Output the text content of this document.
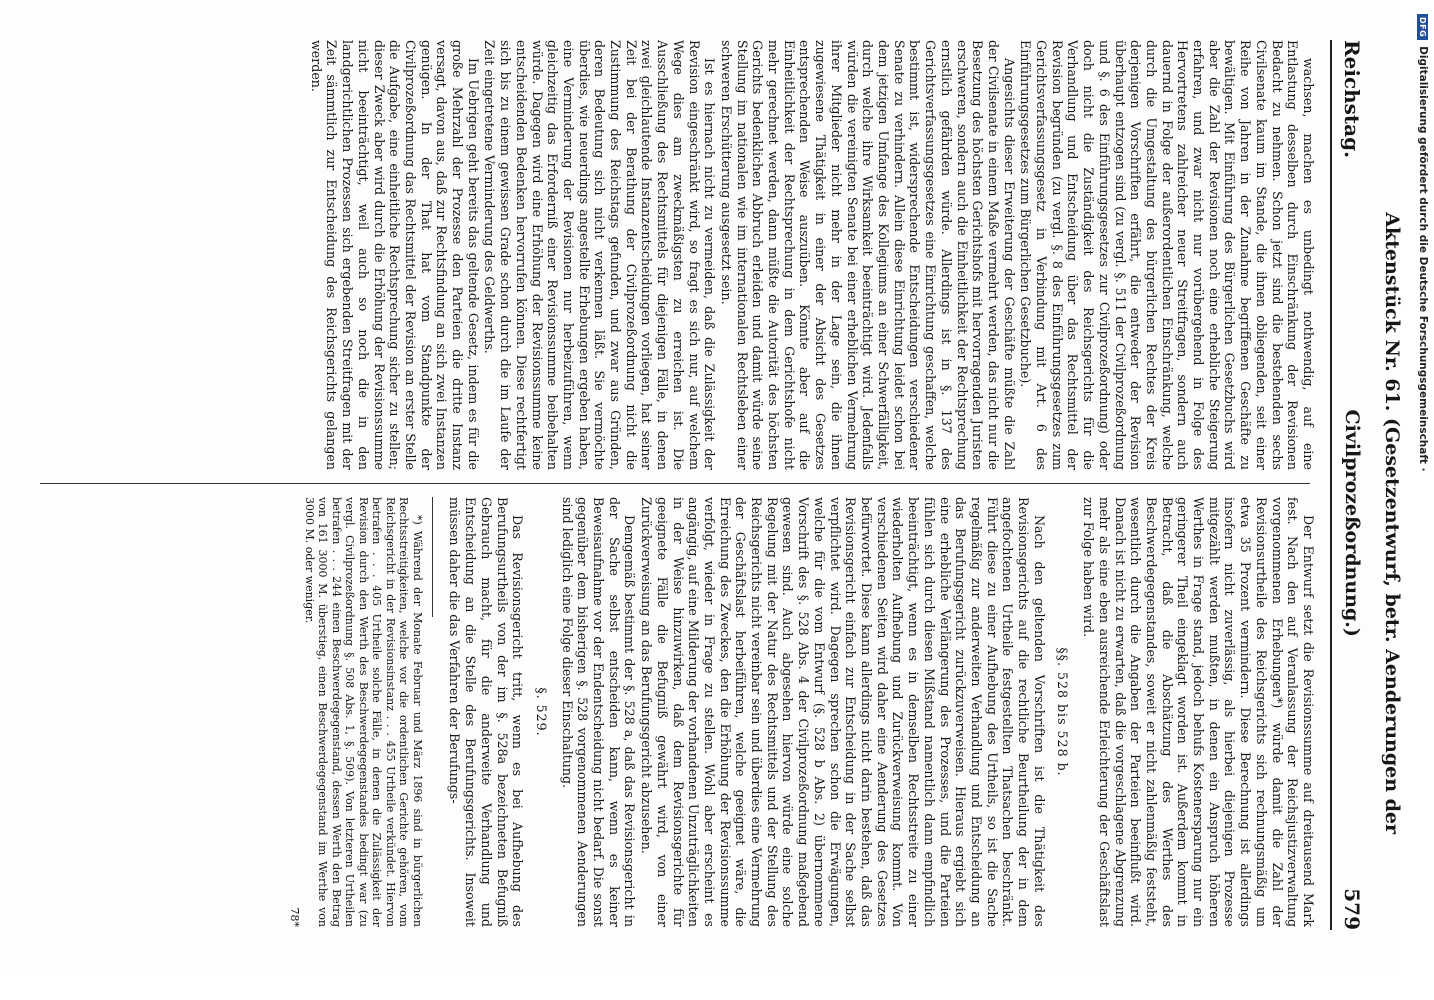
Reichstag.
Aktenstück Nr. 61. (Gesetzentwurf, betr. Aenderungen der Civilprozeßordnung.)
579

wachsen, machen es unbedingt nothwendig, auf eine Entlastung desselben durch Einschränkung der Revisionen Bedacht zu nehmen. Schon jetzt sind die bestehenden sechs Civilsenate kaum im Stande, die ihnen obliegenden, seit einer Reihe von Jahren in der Zunahme begriffenen Geschäfte zu bewältigen. Mit Einführung des Bürgerlichen Gesetzbuchs wird aber die Zahl der Revisionen noch eine erhebliche Steigerung erfahren, und zwar nicht nur vorübergehend in Folge des Hervortretens zahlreicher neuer Streitfragen, sondern auch dauernd in Folge der außerordentlichen Einschränkung, welche durch die Umgestaltung des bürgerlichen Rechtes der Kreis derjenigen Vorschriften erfährt, die entweder der Revision überhaupt entzogen sind (zu vergl. §. 511 der Civilprozeßordnung und §. 6 des Einführungsgesetzes zur Civilprozeßordnung) oder doch nicht die Zuständigkeit des Reichsgerichts für die Verhandlung und Entscheidung über das Rechtsmittel der Revision begründen (zu vergl. §. 8 des Einführungsgesetzes zum Gerichtsverfassungsgesetz in Verbindung mit Art. 6 des Einführungsgesetzes zum Bürgerlichen Gesetzbuche).

Angesichts dieser Erweiterung der Geschäfte müßte die Zahl der Civilsenate in einem Maße vermehrt werden, das nicht nur die Besetzung des höchsten Gerichtshofs mit hervorragenden Juristen erschweren, sondern auch die Einheitlichkeit der Rechtsprechung ernstlich gefährden würde. Allerdings ist in §. 137 des Gerichtsverfassungsgesetzes eine Einrichtung geschaffen, welche bestimmt ist, widersprechende Entscheidungen verschiedener Senate zu verhindern. Allein diese Einrichtung leidet schon bei dem jetzigen Umfange des Kollegiums an einer Schwerfälligkeit, durch welche ihre Wirksamkeit beeinträchtigt wird. Jedenfalls würden die vereinigten Senate bei einer erheblichen Vermehrung ihrer Mitglieder nicht mehr in der Lage sein, die ihnen zugewiesene Thätigkeit in einer der Absicht des Gesetzes entsprechenden Weise auszuüben. Könnte aber auf die Einheitlichkeit der Rechtsprechung in dem Gerichtshofe nicht mehr gerechnet werden, dann müßte die Autorität des höchsten Gerichts bedenklichen Abbruch erleiden und damit würde seine Stellung im nationalen wie im internationalen Rechtsleben einer schweren Erschütterung ausgesetzt sein.

Ist es hiernach nicht zu vermeiden, daß die Zulässigkeit der Revision eingeschränkt wird, so fragt es sich nur, auf welchem Wege dies am zweckmäßigsten zu erreichen ist. Die Ausschließung des Rechtsmittels für diejenigen Fälle, in denen zwei gleichlautende Instanzentscheidungen vorliegen, hat seiner Zeit bei der Berathung der Civilprozeßordnung nicht die Zustimmung des Reichstags gefunden, und zwar aus Gründen, deren Bedeutung sich nicht verkennen läßt. Sie vermöchte überdies, wie neuerdings angestellte Erhebungen ergeben haben, eine Verminderung der Revisionen nur herbeizuführen, wenn gleichzeitig das Erforderniß einer Revisionssumme beibehalten würde. Dagegen wird eine Erhöhung der Revisionssumme keine entscheidenden Bedenken hervorrufen können. Diese rechtfertigt sich bis zu einem gewissen Grade schon durch die im Laufe der Zeit eingetretene Verminderung des Geldwerths.

Im Uebrigen geht bereits das geltende Gesetz, indem es für die große Mehrzahl der Prozesse den Parteien die dritte Instanz versagt, davon aus, daß zur Rechtsfindung an sich zwei Instanzen genügen. In der That hat vom Standpunkte der Civilprozeßordnung das Rechtsmittel der Revision an erster Stelle die Aufgabe, eine einheitliche Rechtsprechung sicher zu stellen; dieser Zweck aber wird durch die Erhöhung der Revisionssumme nicht beeinträchtigt, weil auch so noch die in den landgerichtlichen Prozessen sich ergebenden Streitfragen mit der Zeit sämmtlich zur Entscheidung des Reichsgerichts gelangen werden.

Der Entwurf setzt die Revisionssumme auf dreitausend Mark fest. Nach den auf Veranlassung der Reichsjustizverwaltung vorgenommenen Erhebungen*) würde damit die Zahl der Revisionsurtheile des Reichsgerichts sich rechnungsmäßig um etwa 35 Prozent vermindern. Diese Berechnung ist allerdings insofern nicht zuverlässig, als hierbei diejenigen Prozesse mitgezählt werden mußten, in denen ein Anspruch höheren Werthes in Frage stand, jedoch behufs Kostenersparung nur ein geringerer Theil eingeklagt worden ist. Außerdem kommt in Betracht, daß die Abschätzung des Werthes des Beschwerdegegenstandes, soweit er nicht zahlenmäßig feststeht, wesentlich durch die Angaben der Parteien beeinflußt wird. Danach ist nicht zu erwarten, daß die vorgeschlagene Abgrenzung mehr als eine eben ausreichende Erleichterung der Geschäftslast zur Folge haben wird.

§§. 528 bis 528 b.

Nach den geltenden Vorschriften ist die Thätigkeit des Revisionsgerichts auf die rechtliche Beurtheilung der in dem angefochtenen Urtheile festgestellten Thatsachen beschränkt. Führt diese zu einer Aufhebung des Urtheils, so ist die Sache regelmäßig zur anderweiten Verhandlung und Entscheidung an das Berufungsgericht zurückzuverweisen. Hieraus ergiebt sich eine erhebliche Verlängerung des Prozesses, und die Parteien fühlen sich durch diesen Mißstand namentlich dann empfindlich beeinträchtigt, wenn es in demselben Rechtsstreite zu einer wiederholten Aufhebung und Zurückverweisung kommt. Von verschiedenen Seiten wird daher eine Aenderung des Gesetzes befürwortet. Diese kann allerdings nicht darin bestehen, daß das Revisionsgericht einfach zur Entscheidung in der Sache selbst verpflichtet wird. Dagegen sprechen schon die Erwägungen, welche für die vom Entwurf (§. 528 b Abs. 2) übernommene Vorschrift des §. 528 Abs. 4 der Civilprozeßordnung maßgebend gewesen sind. Auch abgesehen hiervon würde eine solche Regelung mit der Natur des Rechtsmittels und der Stellung des Reichsgerichts nicht vereinbar sein und überdies eine Vermehrung der Geschäftslast herbeiführen, welche geeignet wäre, die Erreichung des Zweckes, den die Erhöhung der Revisionssumme verfolgt, wieder in Frage zu stellen. Wohl aber erscheint es angängig, auf eine Milderung der vorhandenen Unzuträglichkeiten in der Weise hinzuwirken, daß dem Revisionsgerichte für geeignete Fälle die Befugniß gewährt wird, von einer Zurückverweisung an das Berufungsgericht abzusehen.

Demgemäß bestimmt der §. 528 a, daß das Revisionsgericht in der Sache selbst entscheiden kann, wenn es keiner Beweisaufnahme vor der Endentscheidung nicht bedarf. Die sonst gegenüber dem bisherigen §. 528 vorgenommenen Aenderungen sind lediglich eine Folge dieser Einschaltung.

§. 529.

Das Revisionsgericht tritt, wenn es bei Aufhebung des Berufungsurtheils von der im §. 528a bezeichneten Befugniß Gebrauch macht, für die anderweite Verhandlung und Entscheidung an die Stelle des Berufungsgerichts. Insoweit müssen daher die das Verfahren der Berufungs-

*) Während der Monate Februar und März 1896 sind in bürgerlichen Rechtsstreitigkeiten, welche vor die ordentlichen Gerichte gehören, vom Reichsgericht in der Revisionsinstanz . . . 455 Urtheile verkündet. Hiervon betrafen . . . 405 Urtheile solche Fälle, in denen die Zulässigkeit der Revision durch den Werth des Beschwerdegegenstandes bedingt war (zu vergl. Civilprozeßordnung §. 508 Abs. 1, §. 509). Von letzteren Urtheilen betrafen . . . 244 einen Beschwerdegegenstand, dessen Werth den Betrag von 161 3000 M. überstieg, einen Beschwerdegegenstand im Werthe von 3000 M. oder weniger.

78*

DFG
Digitalisierung gefördert durch die Deutsche Forschungsgemeinschaft ·
